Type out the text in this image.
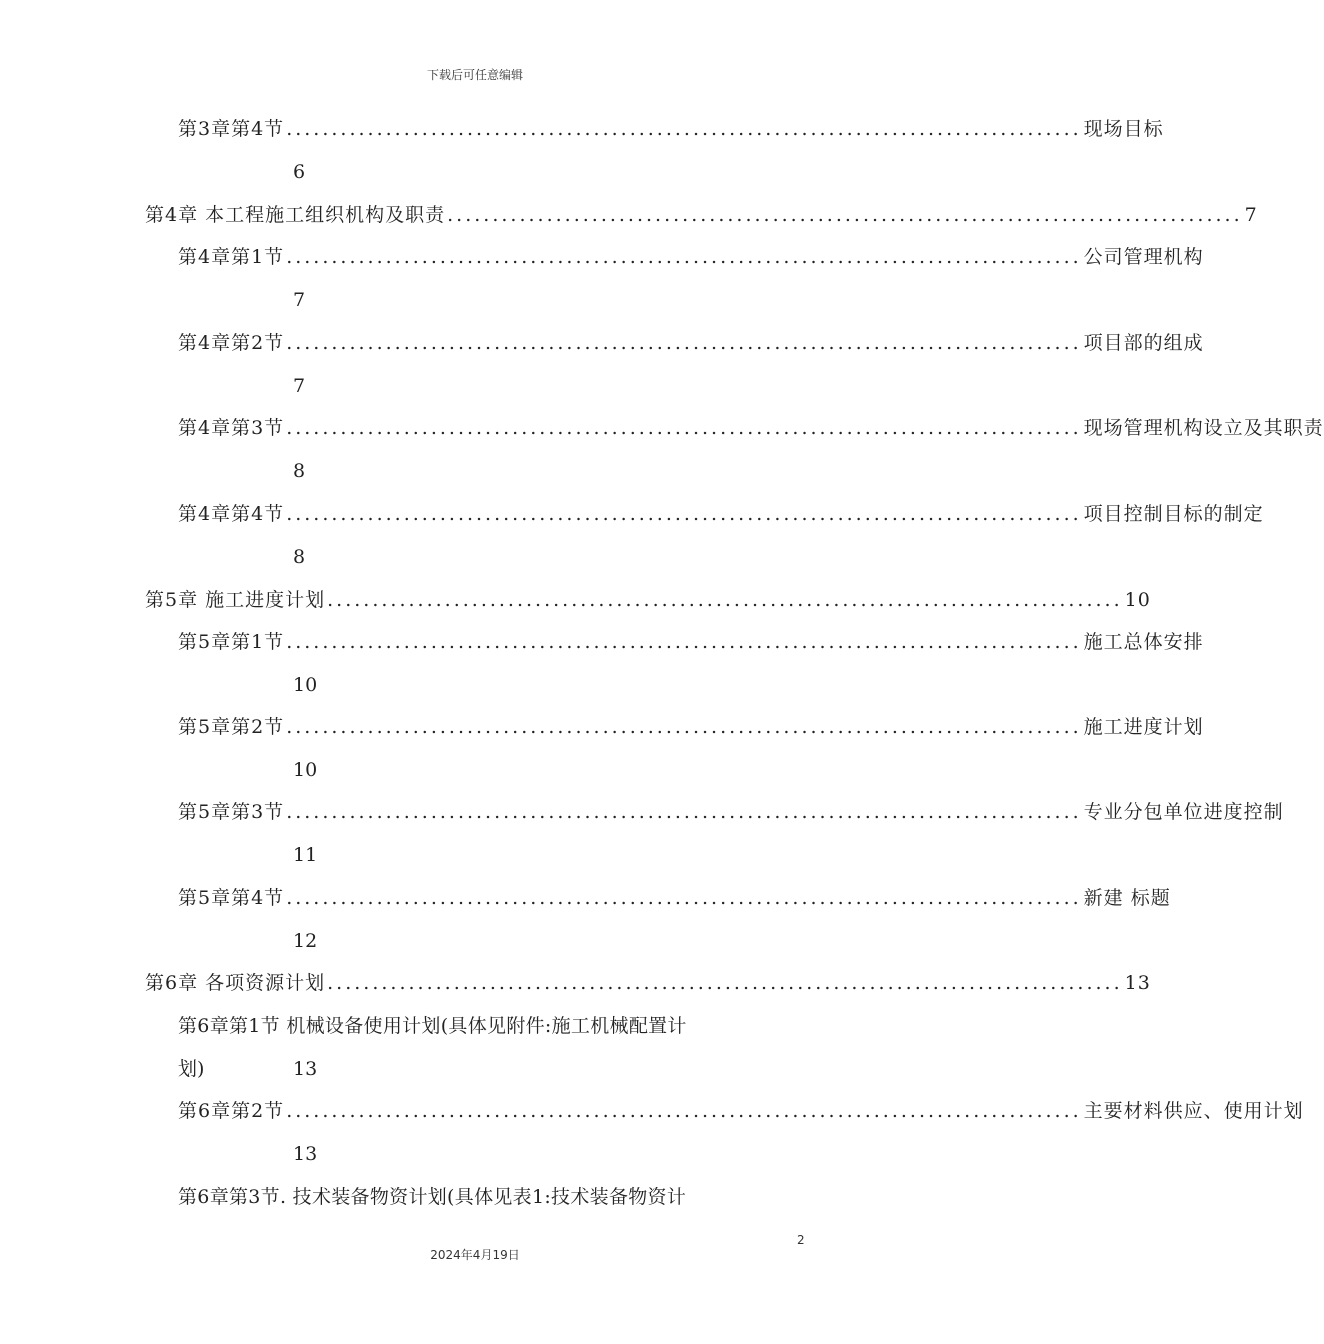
下载后可任意编辑
第3章第4节 ........................................................................................ 现场目标
6
第4章 本工程施工组织机构及职责 ........................................................................................ 7
第4章第1节 ........................................................................................ 公司管理机构
7
第4章第2节 ........................................................................................ 项目部的组成
7
第4章第3节 ........................................................................................ 现场管理机构设立及其职责
8
第4章第4节 ........................................................................................ 项目控制目标的制定
8
第5章 施工进度计划 ........................................................................................ 10
第5章第1节 ........................................................................................ 施工总体安排
10
第5章第2节 ........................................................................................ 施工进度计划
10
第5章第3节 ........................................................................................ 专业分包单位进度控制
11
第5章第4节 ........................................................................................ 新建 标题
12
第6章 各项资源计划 ........................................................................................ 13
第6章第1节 机械设备使用计划(具体见附件:施工机械配置计
划)	13
第6章第2节 ........................................................................................ 主要材料供应、使用计划
13
第6章第3节. 技术装备物资计划(具体见表1:技术装备物资计
2
2024年4月19日
